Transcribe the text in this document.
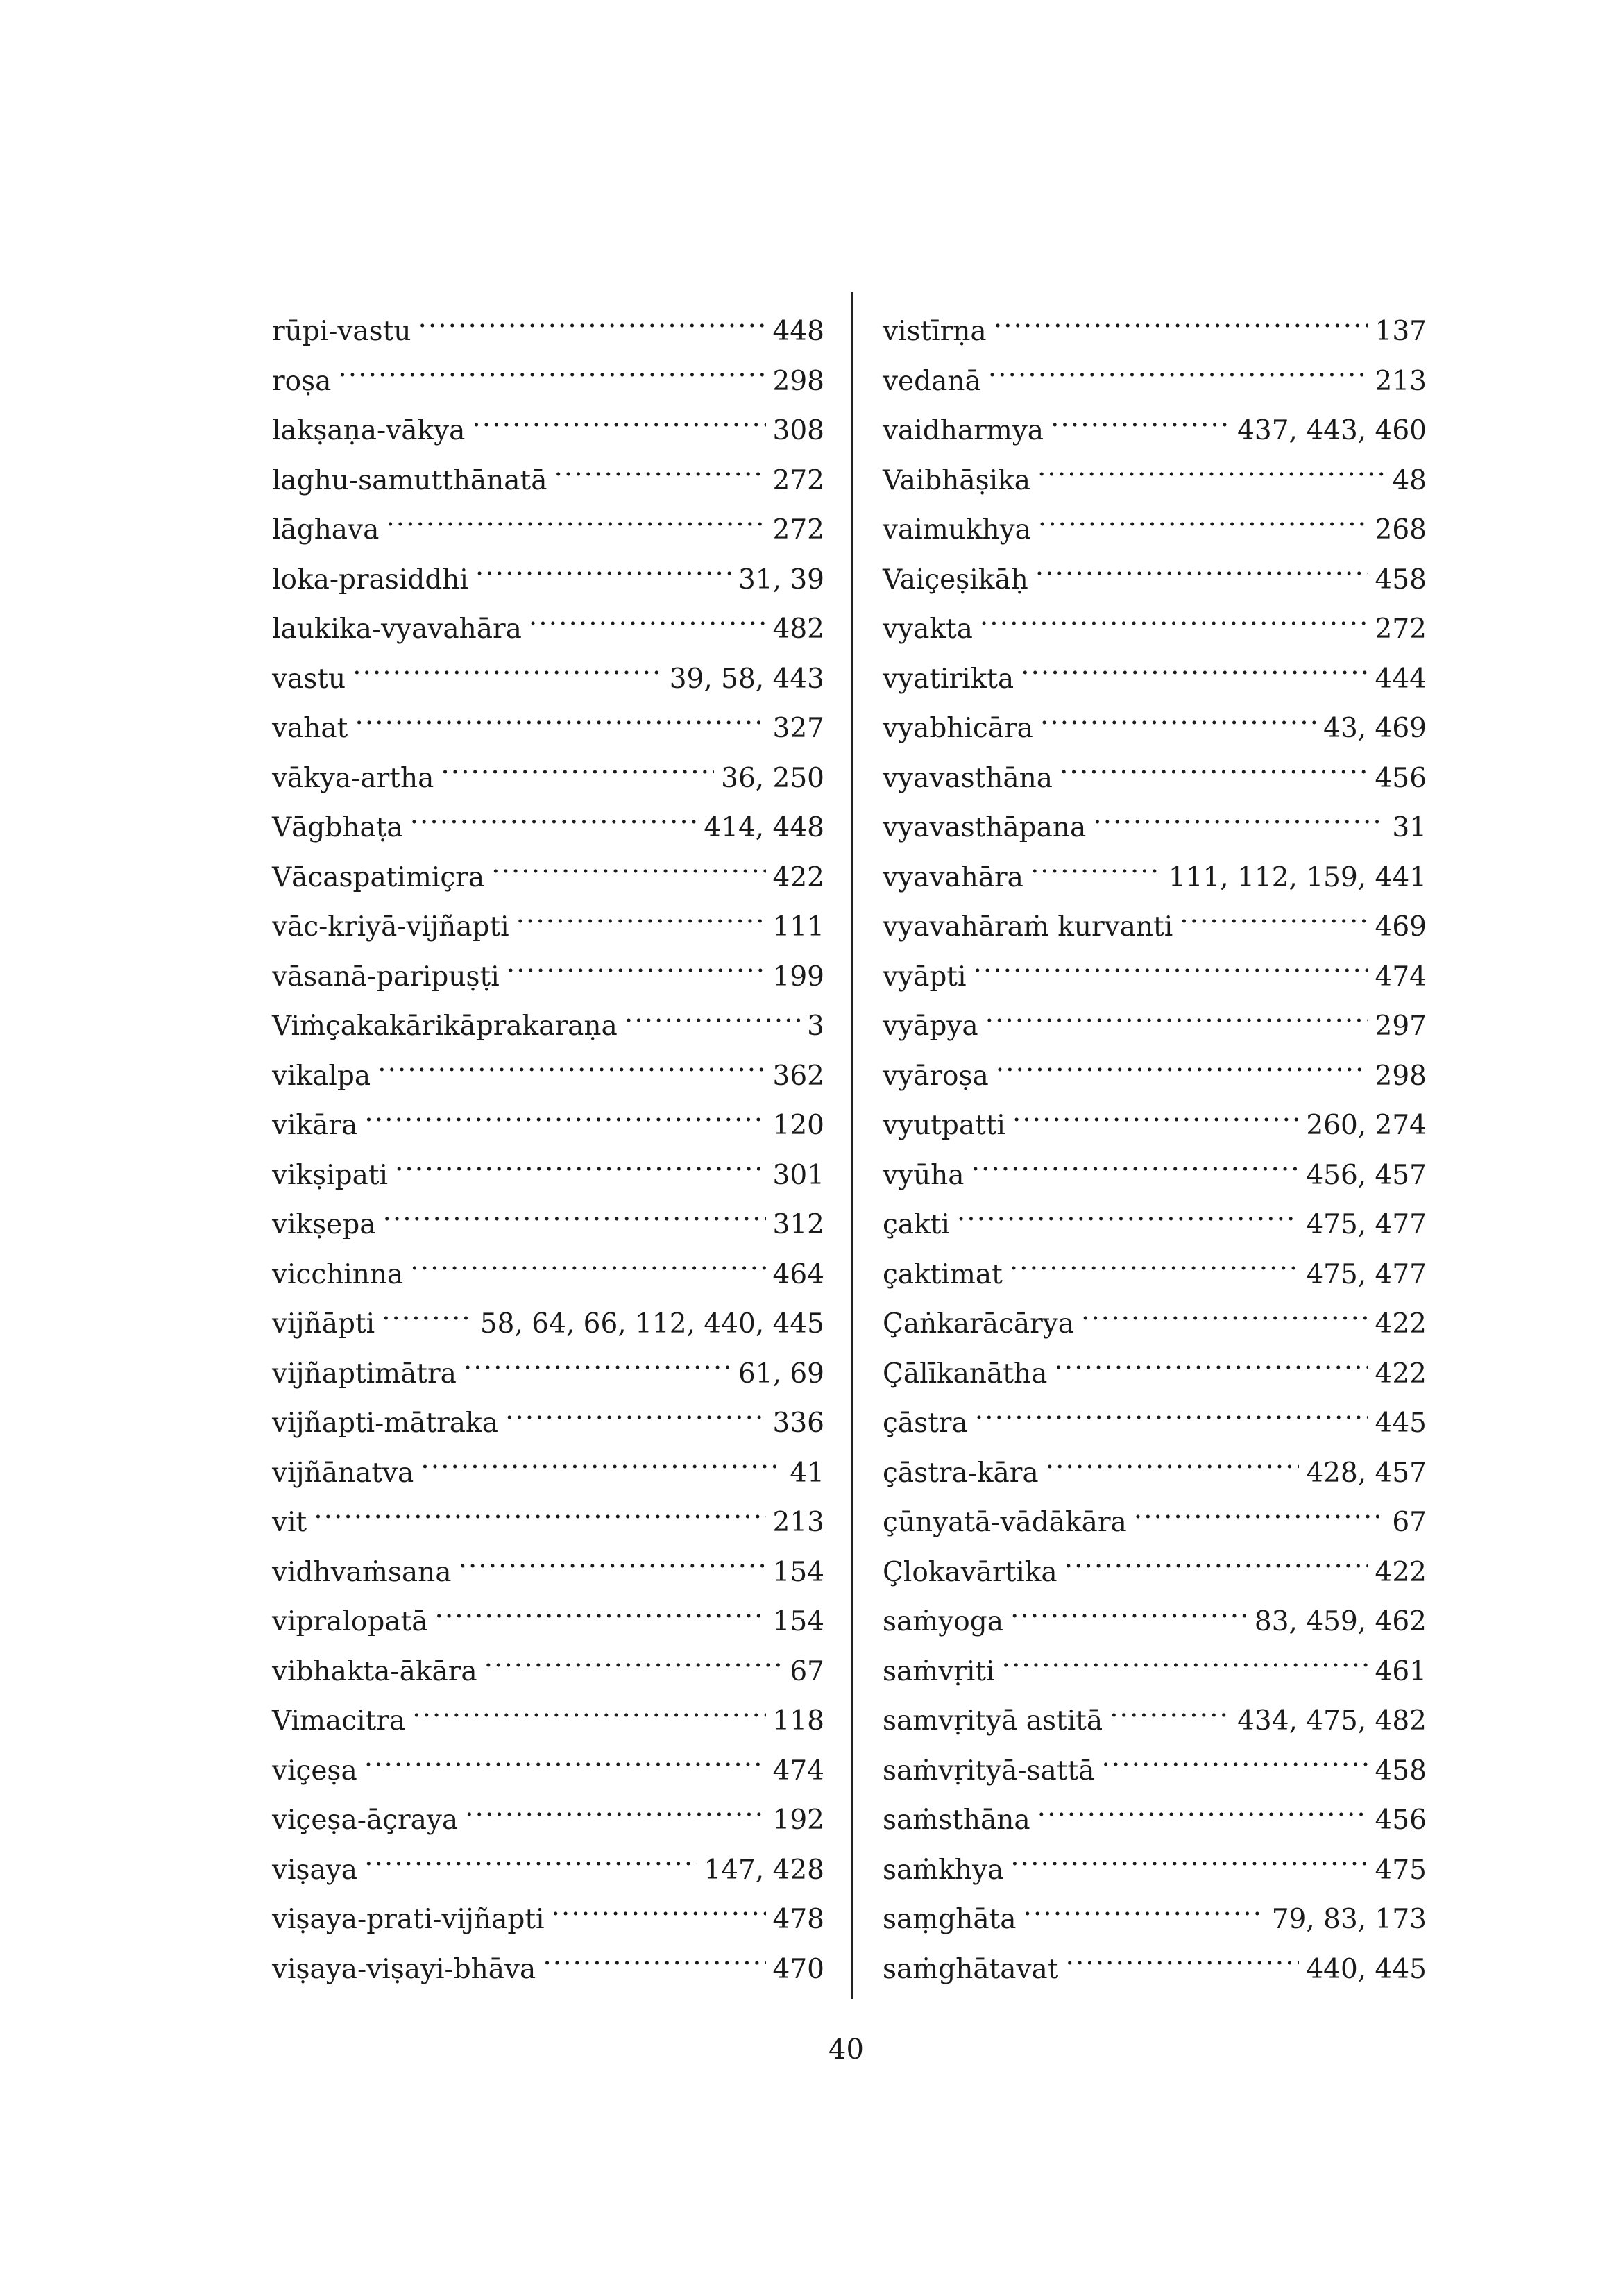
rūpi-vastu .....	448
roṣa .....	298
lakṣaṇa-vākya .....	308
laghu-samutthānatā .....	272
lāghava .....	272
loka-prasiddhi .....	31, 39
laukika-vyavahāra .....	482
vastu .....	39, 58, 443
vahat .....	327
vākya-artha .....	36, 250
Vāgbhaṭa .....	414, 448
Vācaspatimiçra .....	422
vāc-kriyā-vijñapti .....	111
vāsanā-paripuṣṭi .....	199
Viṁçakakārikāprakaraṇa .....	3
vikalpa .....	362
vikāra .....	120
vikṣipati .....	301
vikṣepa .....	312
vicchinna .....	464
vijñāpti .....	58, 64, 66, 112, 440, 445
vijñaptimātra .....	61, 69
vijñapti-mātraka .....	336
vijñānatva .....	41
vit .....	213
vidhvaṁsana .....	154
vipralopatā .....	154
vibhakta-ākāra .....	67
Vimacitra .....	118
viçeṣa .....	474
viçeṣa-āçraya .....	192
viṣaya .....	147, 428
viṣaya-prati-vijñapti .....	478
viṣaya-viṣayi-bhāva .....	470
vistīrṇa .....	137
vedanā .....	213
vaidharmya .....	437, 443, 460
Vaibhāṣika .....	48
vaimukhya .....	268
Vaiçeṣikāḥ .....	458
vyakta .....	272
vyatirikta .....	444
vyabhicāra .....	43, 469
vyavasthāna .....	456
vyavasthāpana .....	31
vyavahāra .....	111, 112, 159, 441
vyavahāraṁ kurvanti .....	469
vyāpti .....	474
vyāpya .....	297
vyāroṣa .....	298
vyutpatti .....	260, 274
vyūha .....	456, 457
çakti .....	475, 477
çaktimat .....	475, 477
Çaṅkarācārya .....	422
Çālīkanātha .....	422
çāstra .....	445
çāstra-kāra .....	428, 457
çūnyatā-vādākāra .....	67
Çlokavārtika .....	422
saṁyoga .....	83, 459, 462
saṁvṛiti .....	461
samvṛityā astitā .....	434, 475, 482
saṁvṛityā-sattā .....	458
saṁsthāna .....	456
saṁkhya .....	475
saṃghāta .....	79, 83, 173
saṁghātavat .....	440, 445
40
